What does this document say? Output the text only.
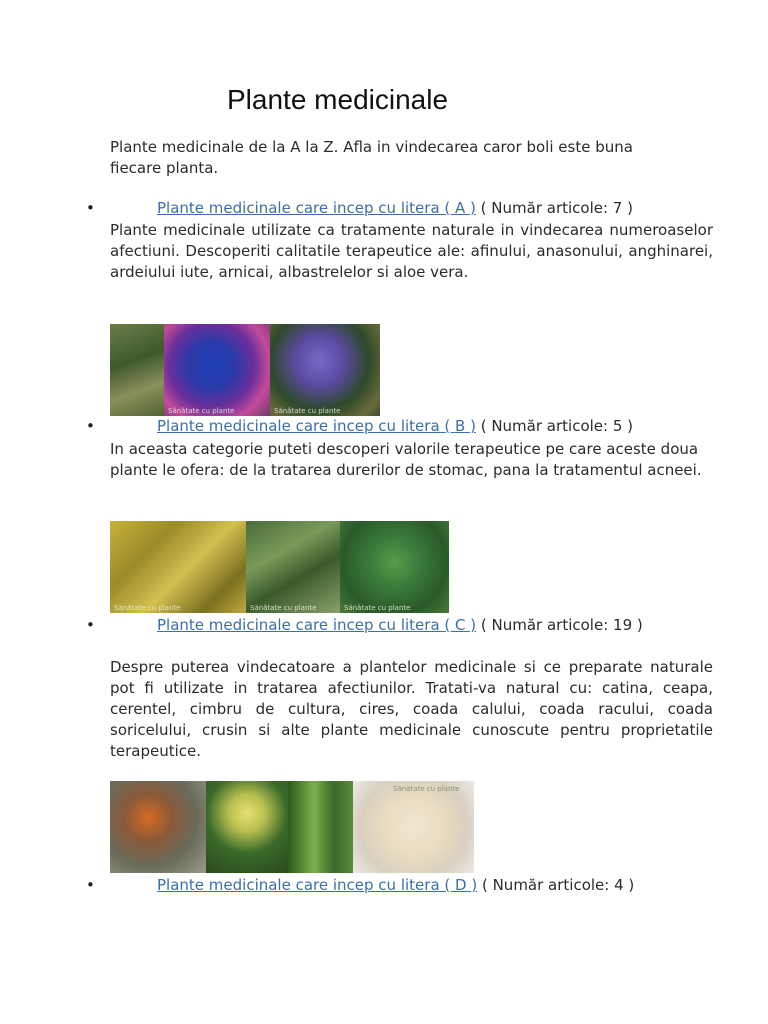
Plante medicinale

Plante medicinale de la A la Z. Afla in vindecarea caror boli este buna fiecare planta.

•	Plante medicinale care incep cu litera ( A ) ( Număr articole: 7 )

Plante medicinale utilizate ca tratamente naturale in vindecarea numeroaselor afectiuni. Descoperiti calitatile terapeutice ale: afinului, anasonului, anghinarei, ardeiului iute, arnicai, albastrelelor si aloe vera.

Sănătate cu plante	Sănătate cu plante
•	Plante medicinale care incep cu litera ( B ) ( Număr articole: 5 )

In aceasta categorie puteti descoperi valorile terapeutice pe care aceste doua plante le ofera: de la tratarea durerilor de stomac, pana la tratamentul acneei.

Sănătate cu plante	Sănătate cu plante	Sănătate cu plante
•	Plante medicinale care incep cu litera ( C ) ( Număr articole: 19 )

Despre puterea vindecatoare a plantelor medicinale si ce preparate naturale pot fi utilizate in tratarea afectiunilor. Tratati-va natural cu: catina, ceapa, cerentel, cimbru de cultura, cires, coada calului, coada racului, coada soricelului, crusin si alte plante medicinale cunoscute pentru proprietatile terapeutice.

Sănătate cu plante
•	Plante medicinale care incep cu litera ( D ) ( Număr articole: 4 )
